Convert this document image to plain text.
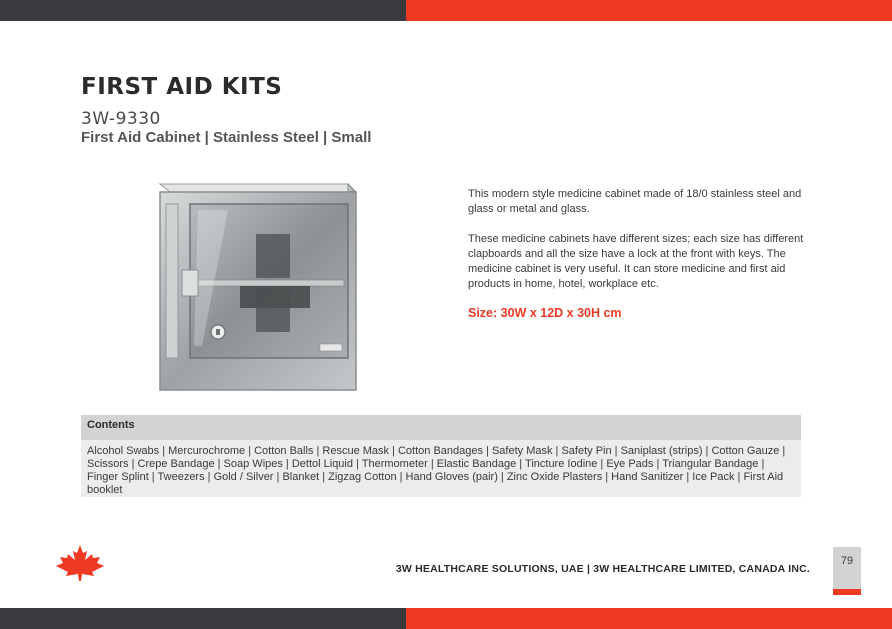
FIRST AID KITS
3W-9330
First Aid Cabinet | Stainless Steel | Small

This modern style medicine cabinet made of 18/0 stainless steel and glass or metal and glass.

These medicine cabinets have different sizes; each size has different clapboards and all the size have a lock at the front with keys. The medicine cabinet is very useful. It can store medicine and first aid products in home, hotel, workplace etc.

Size: 30W x 12D x 30H cm
Contents
Alcohol Swabs | Mercurochrome | Cotton Balls | Rescue Mask | Cotton Bandages | Safety Mask | Safety Pin | Saniplast (strips) | Cotton Gauze | Scissors | Crepe Bandage | Soap Wipes | Dettol Liquid | Thermometer | Elastic Bandage | Tincture Iodine | Eye Pads | Triangular Bandage | Finger Splint | Tweezers | Gold / Silver | Blanket | Zigzag Cotton | Hand Gloves (pair) | Zinc Oxide Plasters | Hand Sanitizer | Ice Pack | First Aid booklet
3W HEALTHCARE SOLUTIONS, UAE | 3W HEALTHCARE LIMITED, CANADA INC.
79
